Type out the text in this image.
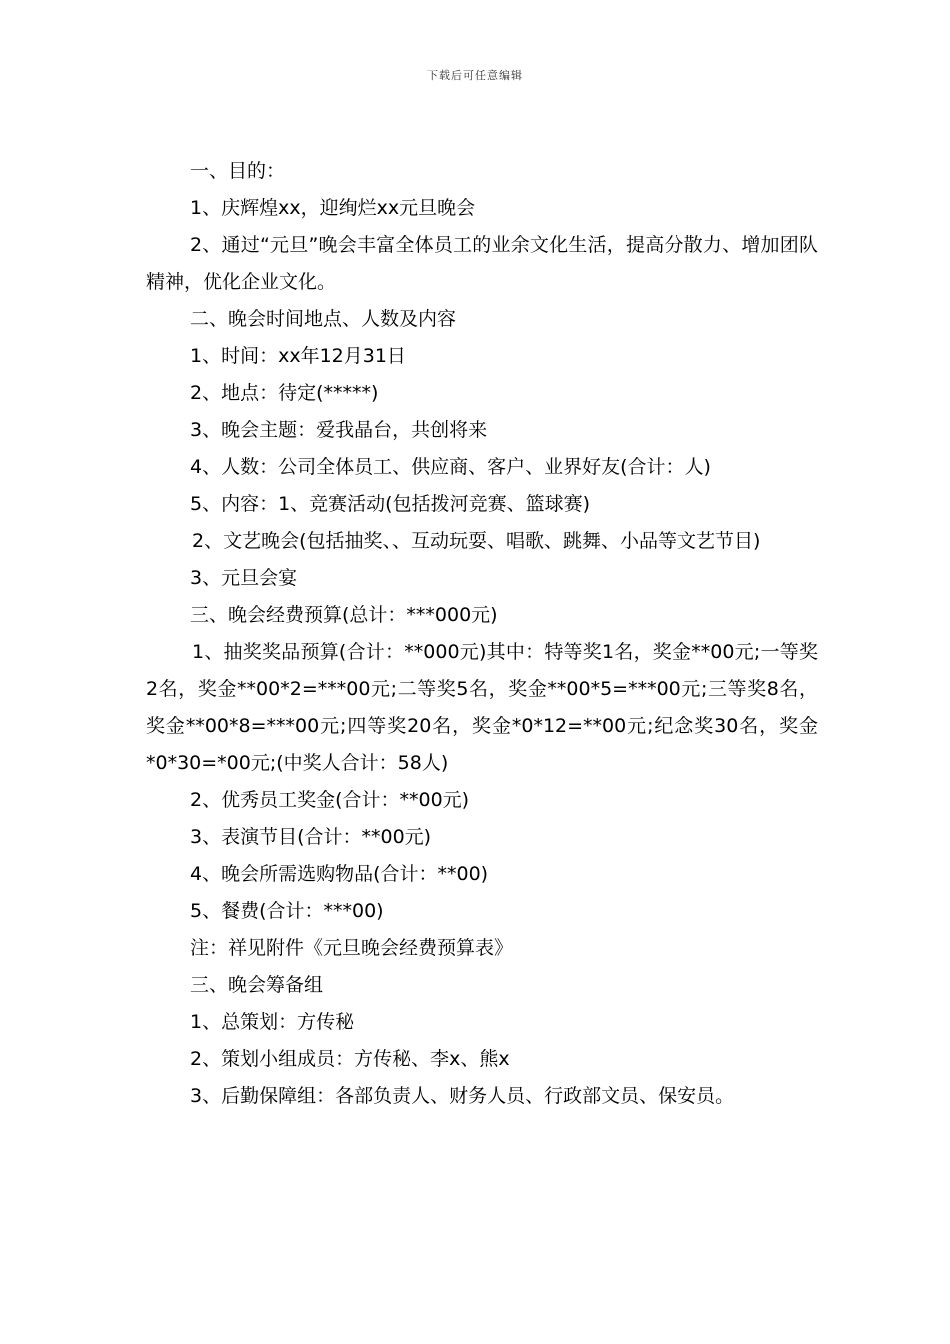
下载后可任意编辑

一、目的：

1、庆辉煌xx，迎绚烂xx元旦晚会

2、通过“元旦”晚会丰富全体员工的业余文化生活，提高分散力、增加团队精神，优化企业文化。

二、晚会时间地点、人数及内容

1、时间：xx年12月31日

2、地点：待定(*****)

3、晚会主题：爱我晶台，共创将来

4、人数：公司全体员工、供应商、客户、业界好友(合计：人)

5、内容：1、竞赛活动(包括拨河竞赛、篮球赛)

2、文艺晚会(包括抽奖、、互动玩耍、唱歌、跳舞、小品等文艺节目)

3、元旦会宴

三、晚会经费预算(总计：***000元)

1、抽奖奖品预算(合计：**000元)其中：特等奖1名，奖金**00元;一等奖2名，奖金**00*2=***00元;二等奖5名，奖金**00*5=***00元;三等奖8名，奖金**00*8=***00元;四等奖20名，奖金*0*12=**00元;纪念奖30名，奖金*0*30=*00元;(中奖人合计：58人)

2、优秀员工奖金(合计：**00元)

3、表演节目(合计：**00元)

4、晚会所需选购物品(合计：**00)

5、餐费(合计：***00)

注：祥见附件《元旦晚会经费预算表》

三、晚会筹备组

1、总策划：方传秘

2、策划小组成员：方传秘、李x、熊x

3、后勤保障组：各部负责人、财务人员、行政部文员、保安员。
